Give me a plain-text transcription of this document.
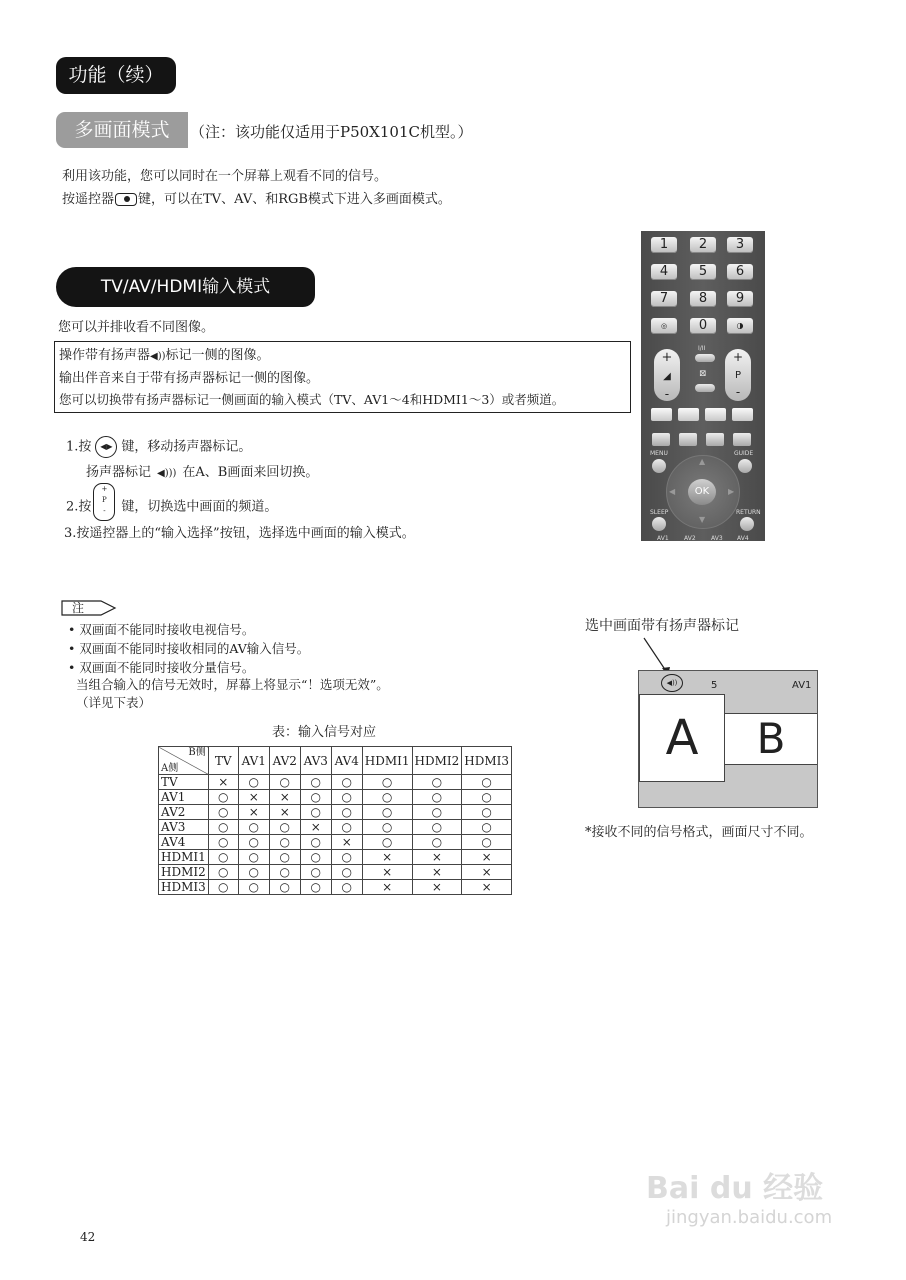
功能（续）
多画面模式	（注：该功能仅适用于P50X101C机型。）
利用该功能，您可以同时在一个屏幕上观看不同的信号。
按遥控器 键，可以在TV、AV、和RGB模式下进入多画面模式。
TV/AV/HDMI输入模式
您可以并排收看不同图像。
操作带有扬声器◀))标记一侧的图像。
输出伴音来自于带有扬声器标记一侧的图像。
您可以切换带有扬声器标记一侧画面的输入模式（TV、AV1～4和HDMI1～3）或者频道。
1.按 ◀▶ 键，移动扬声器标记。
扬声器标记 ◀))) 在A、B画面来回切换。
2.按+
P
- 键，切换选中画面的频道。
3.按遥控器上的“输入选择”按钮，选择选中画面的输入模式。
1	2	3
4	5	6
7	8	9
◎	0	◑
+
◢
-
I/II
⊠
+
P
-
MENU	GUIDE
OK
▲
▼
◀	▶
SLEEP	RETURN
AV1	AV2	AV3 AV4
注
• 双画面不能同时接收电视信号。
• 双画面不能同时接收相同的AV输入信号。
• 双画面不能同时接收分量信号。
当组合输入的信号无效时，屏幕上将显示“！选项无效”。
（详见下表）
表：输入信号对应
B侧
A侧	TV	AV1	AV2	AV3	AV4	HDMI1	HDMI2	HDMI3
TV	×	○	○	○	○	○	○	○
AV1	○	×	×	○	○	○	○	○
AV2	○	×	×	○	○	○	○	○
AV3	○	○	○	×	○	○	○	○
AV4	○	○	○	○	×	○	○	○
HDMI1	○	○	○	○	○	×	×	×
HDMI2	○	○	○	○	○	×	×	×
HDMI3	○	○	○	○	○	×	×	×
选中画面带有扬声器标记
◀))	5	AV1
A	B
*接收不同的信号格式，画面尺寸不同。
42
Bai du 经验
jingyan.baidu.com
